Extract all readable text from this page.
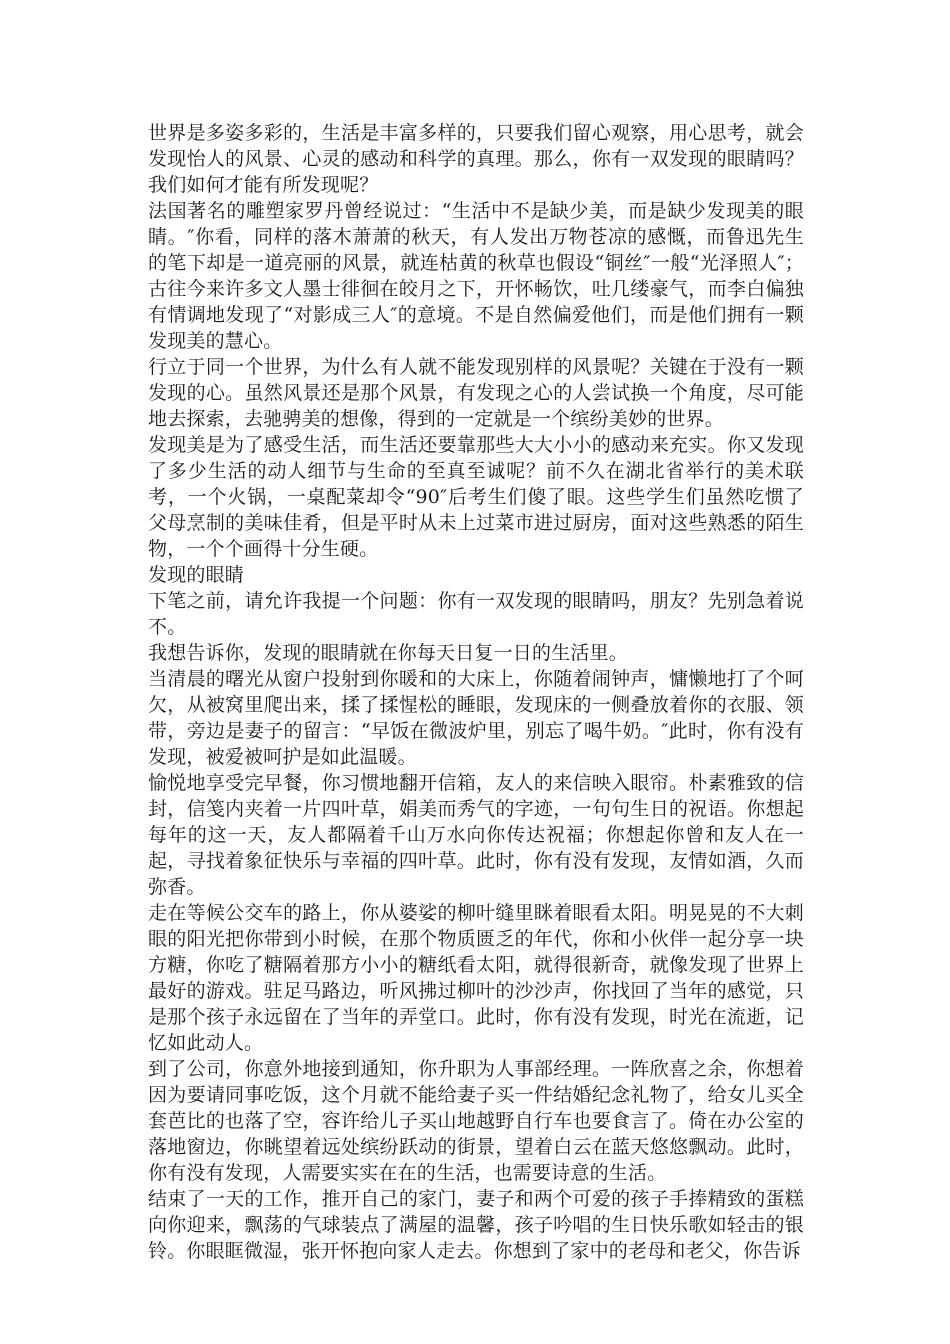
世界是多姿多彩的，生活是丰富多样的，只要我们留心观察，用心思考，就会发现怡人的风景、心灵的感动和科学的真理。那么，你有一双发现的眼睛吗？我们如何才能有所发现呢？

法国著名的雕塑家罗丹曾经说过：“生活中不是缺少美，而是缺少发现美的眼睛。″你看，同样的落木萧萧的秋天，有人发出万物苍凉的感慨，而鲁迅先生的笔下却是一道亮丽的风景，就连枯黄的秋草也假设“铜丝″一般“光泽照人″；古往今来许多文人墨士徘徊在皎月之下，开怀畅饮，吐几缕豪气，而李白偏独有情调地发现了“对影成三人″的意境。不是自然偏爱他们，而是他们拥有一颗发现美的慧心。

行立于同一个世界，为什么有人就不能发现别样的风景呢？关键在于没有一颗发现的心。虽然风景还是那个风景，有发现之心的人尝试换一个角度，尽可能地去探索，去驰骋美的想像，得到的一定就是一个缤纷美妙的世界。

发现美是为了感受生活，而生活还要靠那些大大小小的感动来充实。你又发现了多少生活的动人细节与生命的至真至诚呢？前不久在湖北省举行的美术联考，一个火锅，一桌配菜却令“90″后考生们傻了眼。这些学生们虽然吃惯了父母烹制的美味佳肴，但是平时从未上过菜市进过厨房，面对这些熟悉的陌生物，一个个画得十分生硬。

发现的眼睛

下笔之前，请允许我提一个问题：你有一双发现的眼睛吗，朋友？先别急着说不。

我想告诉你，发现的眼睛就在你每天日复一日的生活里。

当清晨的曙光从窗户投射到你暖和的大床上，你随着闹钟声，慵懒地打了个呵欠，从被窝里爬出来，揉了揉惺松的睡眼，发现床的一侧叠放着你的衣服、领带，旁边是妻子的留言：“早饭在微波炉里，别忘了喝牛奶。″此时，你有没有发现，被爱被呵护是如此温暖。

愉悦地享受完早餐，你习惯地翻开信箱，友人的来信映入眼帘。朴素雅致的信封，信笺内夹着一片四叶草，娟美而秀气的字迹，一句句生日的祝语。你想起每年的这一天，友人都隔着千山万水向你传达祝福；你想起你曾和友人在一起，寻找着象征快乐与幸福的四叶草。此时，你有没有发现，友情如酒，久而弥香。

走在等候公交车的路上，你从婆娑的柳叶缝里眯着眼看太阳。明晃晃的不大刺眼的阳光把你带到小时候，在那个物质匮乏的年代，你和小伙伴一起分享一块方糖，你吃了糖隔着那方小小的糖纸看太阳，就得很新奇，就像发现了世界上最好的游戏。驻足马路边，听风拂过柳叶的沙沙声，你找回了当年的感觉，只是那个孩子永远留在了当年的弄堂口。此时，你有没有发现，时光在流逝，记忆如此动人。

到了公司，你意外地接到通知，你升职为人事部经理。一阵欣喜之余，你想着因为要请同事吃饭，这个月就不能给妻子买一件结婚纪念礼物了，给女儿买全套芭比的也落了空，容许给儿子买山地越野自行车也要食言了。倚在办公室的落地窗边，你眺望着远处缤纷跃动的街景，望着白云在蓝天悠悠飘动。此时，你有没有发现，人需要实实在在的生活，也需要诗意的生活。

结束了一天的工作，推开自己的家门，妻子和两个可爱的孩子手捧精致的蛋糕向你迎来，飘荡的气球装点了满屋的温馨，孩子吟唱的生日快乐歌如轻击的银铃。你眼眶微湿，张开怀抱向家人走去。你想到了家中的老母和老父，你告诉
